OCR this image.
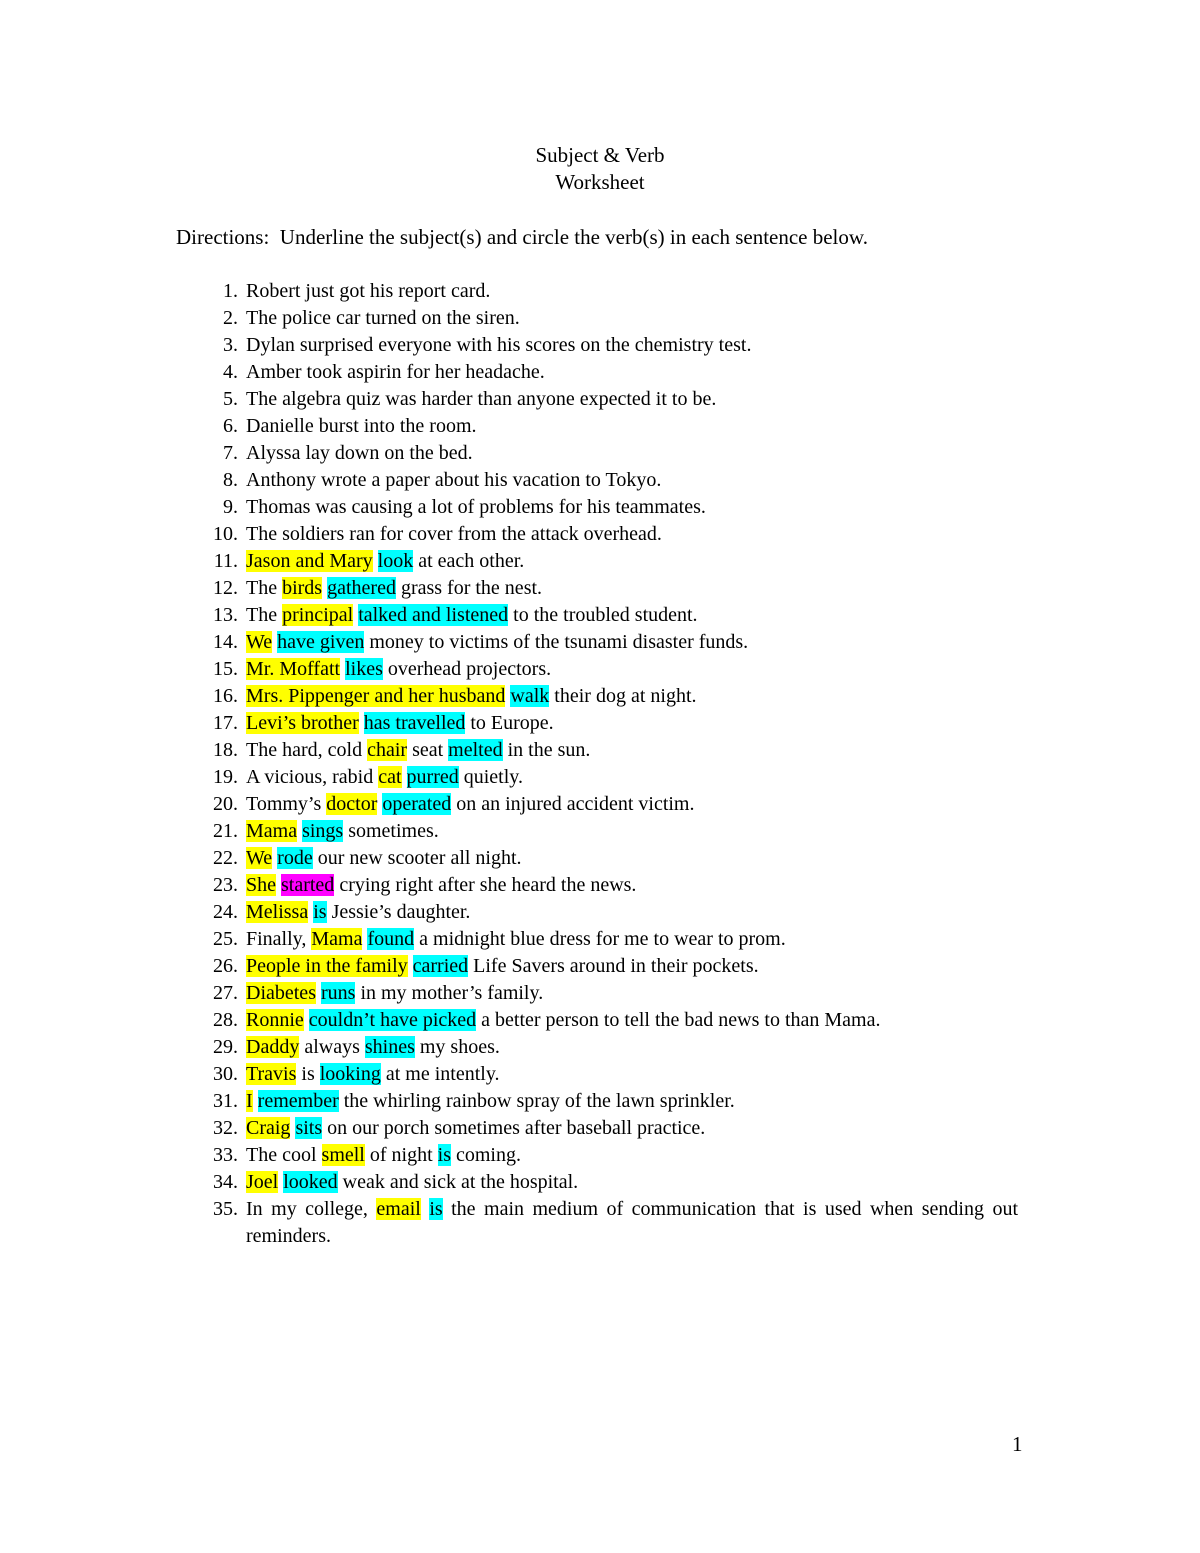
Subject & Verb
Worksheet
Directions:  Underline the subject(s) and circle the verb(s) in each sentence below.
1. Robert just got his report card.
2. The police car turned on the siren.
3. Dylan surprised everyone with his scores on the chemistry test.
4. Amber took aspirin for her headache.
5. The algebra quiz was harder than anyone expected it to be.
6. Danielle burst into the room.
7. Alyssa lay down on the bed.
8. Anthony wrote a paper about his vacation to Tokyo.
9. Thomas was causing a lot of problems for his teammates.
10. The soldiers ran for cover from the attack overhead.
11. Jason and Mary look at each other.
12. The birds gathered grass for the nest.
13. The principal talked and listened to the troubled student.
14. We have given money to victims of the tsunami disaster funds.
15. Mr. Moffatt likes overhead projectors.
16. Mrs. Pippenger and her husband walk their dog at night.
17. Levi’s brother has travelled to Europe.
18. The hard, cold chair seat melted in the sun.
19. A vicious, rabid cat purred quietly.
20. Tommy’s doctor operated on an injured accident victim.
21. Mama sings sometimes.
22. We rode our new scooter all night.
23. She started crying right after she heard the news.
24. Melissa is Jessie’s daughter.
25. Finally, Mama found a midnight blue dress for me to wear to prom.
26. People in the family carried Life Savers around in their pockets.
27. Diabetes runs in my mother’s family.
28. Ronnie couldn’t have picked a better person to tell the bad news to than Mama.
29. Daddy always shines my shoes.
30. Travis is looking at me intently.
31. I remember the whirling rainbow spray of the lawn sprinkler.
32. Craig sits on our porch sometimes after baseball practice.
33. The cool smell of night is coming.
34. Joel looked weak and sick at the hospital.
35. In my college, email is the main medium of communication that is used when sending out reminders.
1
